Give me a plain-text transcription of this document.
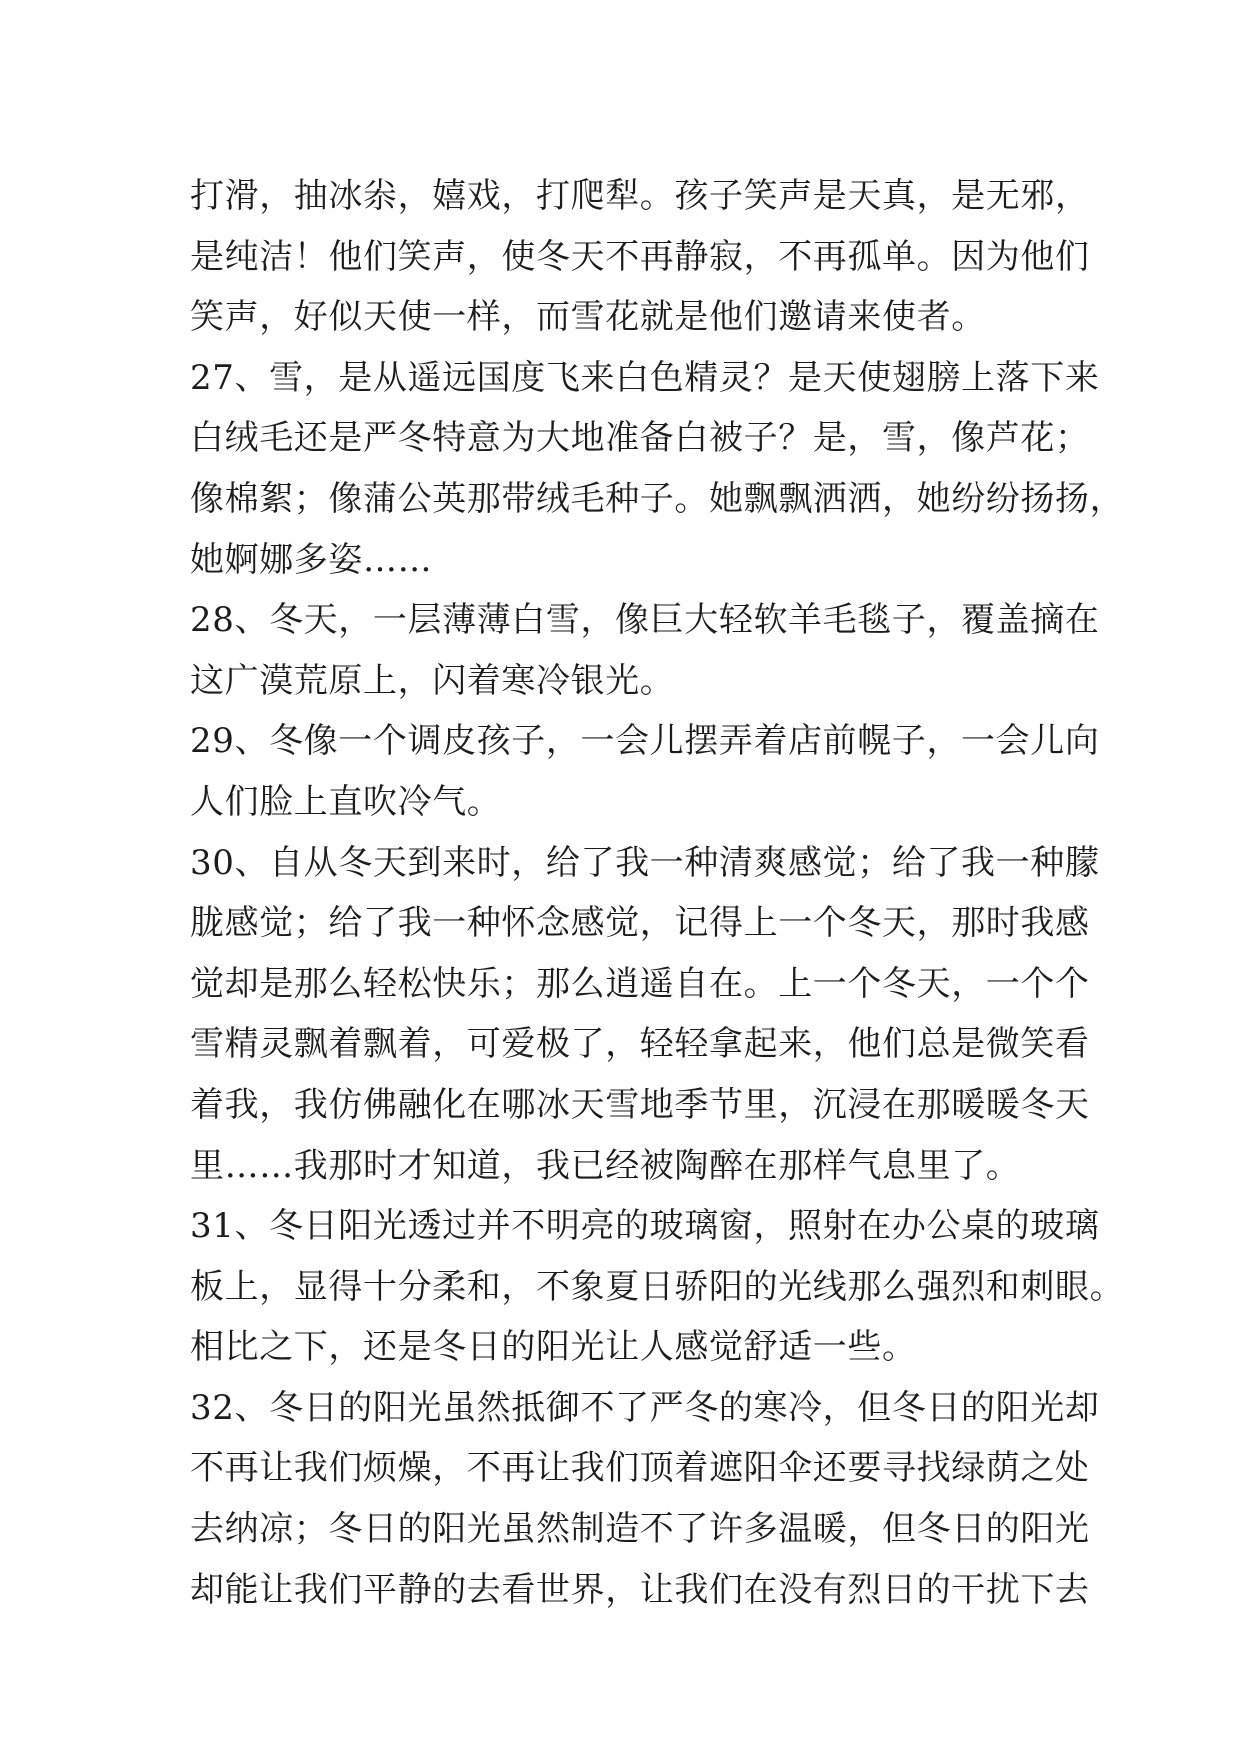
打滑，抽冰尜，嬉戏，打爬犁。孩子笑声是天真，是无邪，
是纯洁！他们笑声，使冬天不再静寂，不再孤单。因为他们
笑声，好似天使一样，而雪花就是他们邀请来使者。
27、雪，是从遥远国度飞来白色精灵？是天使翅膀上落下来
白绒毛还是严冬特意为大地准备白被子？是，雪，像芦花；
像棉絮；像蒲公英那带绒毛种子。她飘飘洒洒，她纷纷扬扬，
她婀娜多姿……
28、冬天，一层薄薄白雪，像巨大轻软羊毛毯子，覆盖摘在
这广漠荒原上，闪着寒冷银光。
29、冬像一个调皮孩子，一会儿摆弄着店前幌子，一会儿向
人们脸上直吹冷气。
30、自从冬天到来时，给了我一种清爽感觉；给了我一种朦
胧感觉；给了我一种怀念感觉，记得上一个冬天，那时我感
觉却是那么轻松快乐；那么逍遥自在。上一个冬天，一个个
雪精灵飘着飘着，可爱极了，轻轻拿起来，他们总是微笑看
着我，我仿佛融化在哪冰天雪地季节里，沉浸在那暖暖冬天
里……我那时才知道，我已经被陶醉在那样气息里了。
31、冬日阳光透过并不明亮的玻璃窗，照射在办公桌的玻璃
板上，显得十分柔和，不象夏日骄阳的光线那么强烈和刺眼。
相比之下，还是冬日的阳光让人感觉舒适一些。
32、冬日的阳光虽然抵御不了严冬的寒冷，但冬日的阳光却
不再让我们烦燥，不再让我们顶着遮阳伞还要寻找绿荫之处
去纳凉；冬日的阳光虽然制造不了许多温暖，但冬日的阳光
却能让我们平静的去看世界，让我们在没有烈日的干扰下去
